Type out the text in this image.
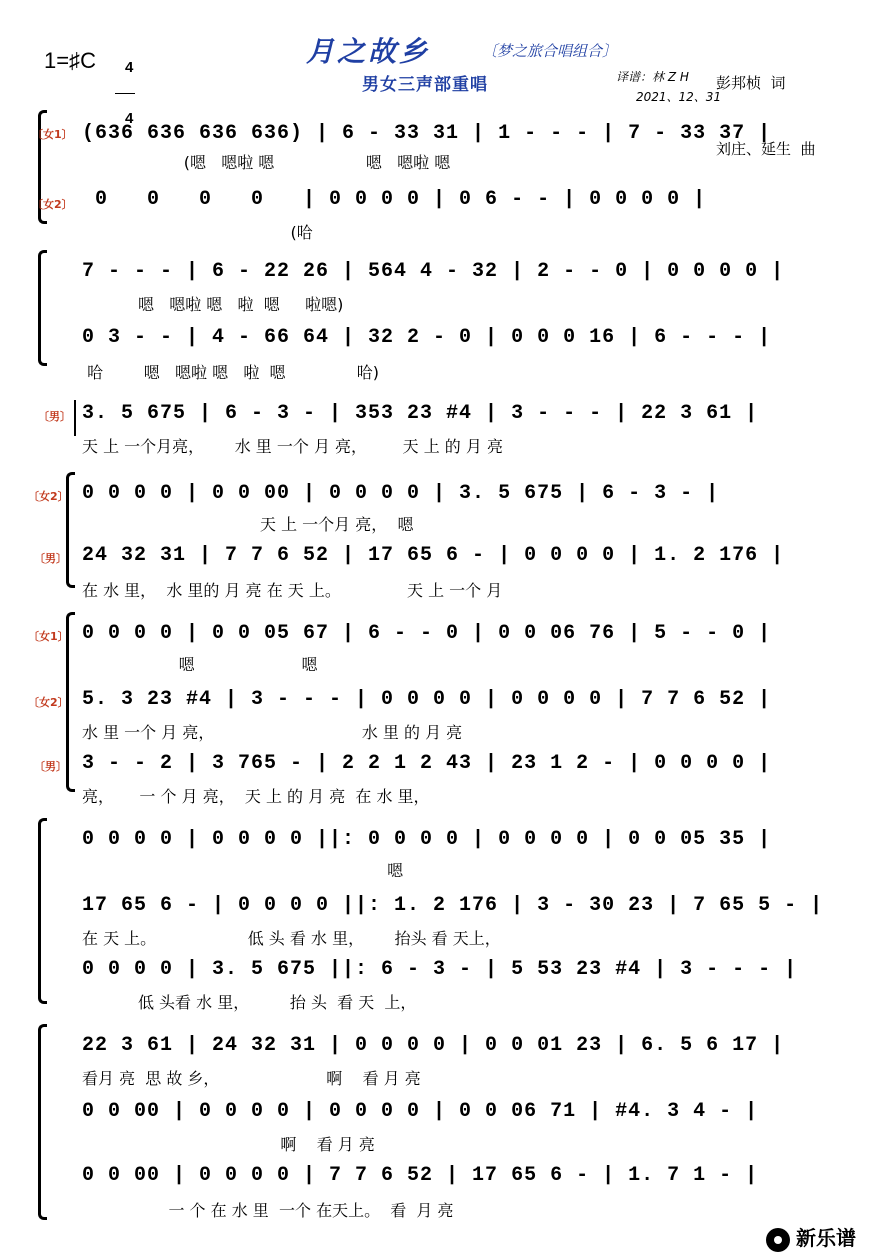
1=♯C	4

4

月之故乡	〔梦之旅合唱组合〕
男女三声部重唱

	彭邦桢  词

刘庄、延生  曲

译谱：林 Z H
2021、12、31
〔女1〕 (636 636 636 636) | 6 - 33 31 | 1 - - - | 7 - 33 37 |
(嗯   嗯啦 嗯                  嗯   嗯啦 嗯
〔女2〕 0   0   0   0   | 0 0 0 0 | 0 6 - - | 0 0 0 0 |
(哈
7 - - - | 6 - 22 26 | 564 4 - 32 | 2 - - 0 | 0 0 0 0 |
嗯   嗯啦 嗯   啦  嗯     啦嗯)
0 3 - - | 4 - 66 64 | 32 2 - 0 | 0 0 0 16 | 6 - - - |
哈        嗯   嗯啦 嗯   啦  嗯              哈)
〔男〕 3. 5 675 | 6 - 3 - | 353 23 #4 | 3 - - - | 22 3 61 |
天 上 一个月亮，      水 里 一个 月 亮，       天 上 的 月 亮
〔女2〕 0 0 0 0 | 0 0 00 | 0 0 0 0 | 3. 5 675 | 6 - 3 - |
天 上 一个月 亮，  嗯
〔男〕 24 32 31 | 7 7 6 52 | 17 65 6 - | 0 0 0 0 | 1. 2 176 |
在 水 里，  水 里的 月 亮 在 天 上。             天 上 一个 月
〔女1〕 0 0 0 0 | 0 0 05 67 | 6 - - 0 | 0 0 06 76 | 5 - - 0 |
嗯                     嗯
〔女2〕 5. 3 23 #4 | 3 - - - | 0 0 0 0 | 0 0 0 0 | 7 7 6 52 |
水 里 一个 月 亮，                             水 里 的 月 亮
〔男〕 3 - - 2 | 3 765 - | 2 2 1 2 43 | 23 1 2 - | 0 0 0 0 |
亮，     一 个 月 亮，  天 上 的 月 亮  在 水 里，
0 0 0 0 | 0 0 0 0 ||: 0 0 0 0 | 0 0 0 0 | 0 0 05 35 |
嗯
17 65 6 - | 0 0 0 0 ||: 1. 2 176 | 3 - 30 23 | 7 65 5 - |
在 天 上。                  低 头 看 水 里，      抬头 看 天上，
0 0 0 0 | 3. 5 675 ||: 6 - 3 - | 5 53 23 #4 | 3 - - - |
低 头看 水 里，        抬 头  看 天  上，
22 3 61 | 24 32 31 | 0 0 0 0 | 0 0 01 23 | 6. 5 6 17 |
看月 亮  思 故 乡，                     啊    看 月 亮
0 0 00 | 0 0 0 0 | 0 0 0 0 | 0 0 06 71 | #4. 3 4 - |
啊    看 月 亮
0 0 00 | 0 0 0 0 | 7 7 6 52 | 17 65 6 - | 1. 7 1 - |
一 个 在 水 里  一个 在天上。  看  月 亮
新乐谱
